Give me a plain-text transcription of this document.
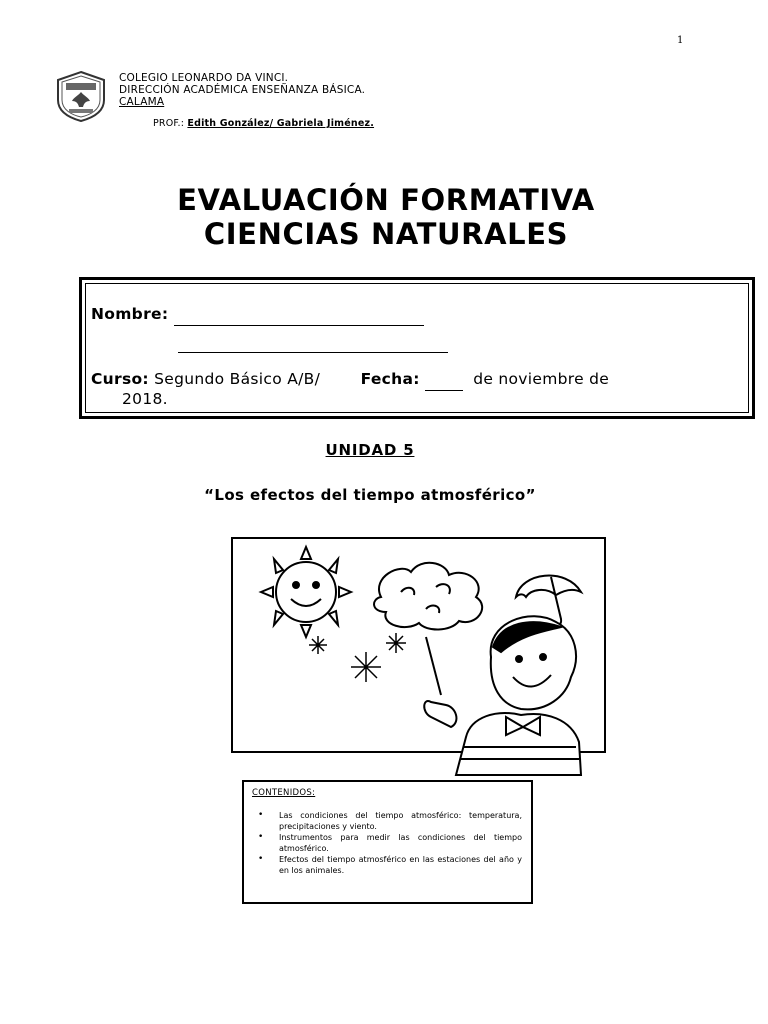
1
COLEGIO LEONARDO DA VINCI.
DIRECCIÓN ACADÉMICA ENSEÑANZA BÁSICA.
CALAMA
PROF.: Edith González/ Gabriela Jiménez.
EVALUACIÓN FORMATIVA
CIENCIAS NATURALES
Nombre:

Curso: Segundo Básico A/B/	Fecha:	de noviembre de
2018.
UNIDAD 5
“Los efectos del tiempo atmosférico”
CONTENIDOS:
• Las condiciones del tiempo atmosférico: temperatura, precipitaciones y viento.
• Instrumentos para medir las condiciones del tiempo atmosférico.
• Efectos del tiempo atmosférico en las estaciones del año y en los animales.
